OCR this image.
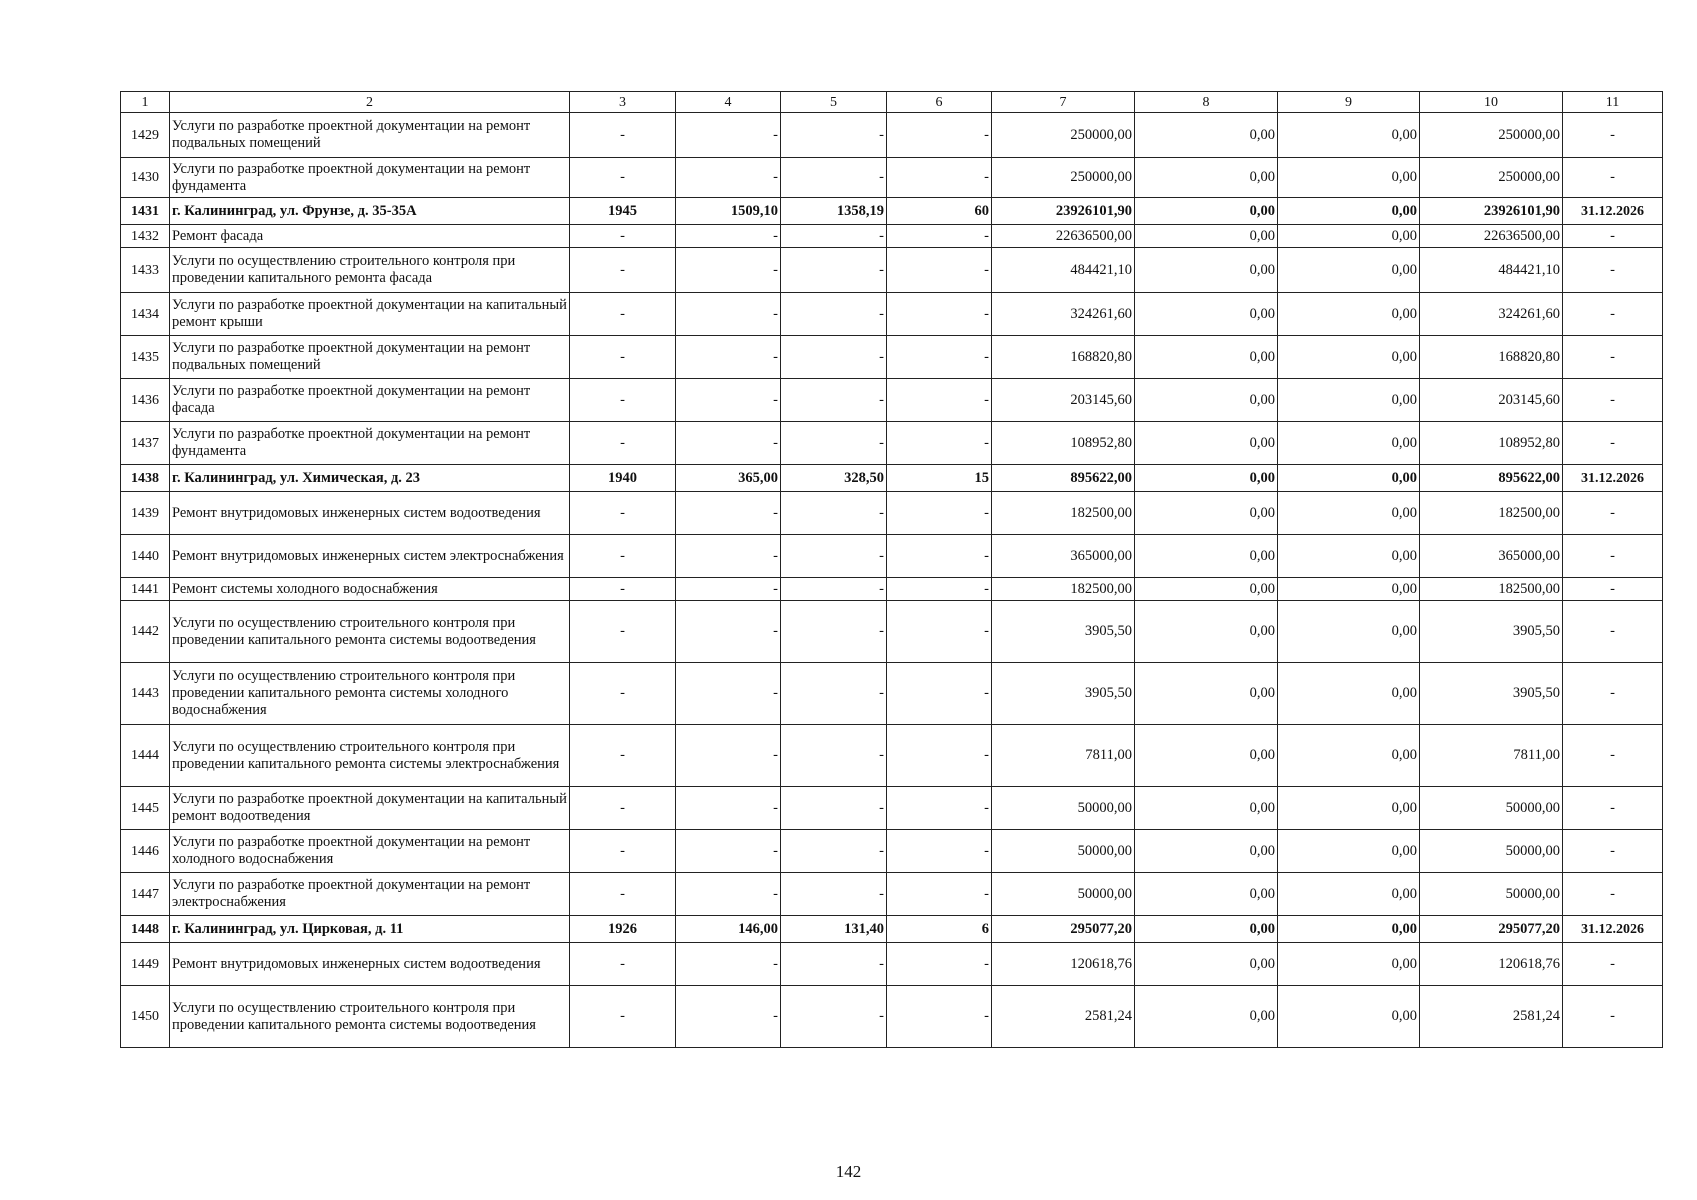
1	2	3	4	5	6	7	8	9	10	11
1429	Услуги по разработке проектной документации на ремонт подвальных помещений	-	-	-	-	250000,00	0,00	0,00	250000,00	-
1430	Услуги по разработке проектной документации на ремонт фундамента	-	-	-	-	250000,00	0,00	0,00	250000,00	-
1431	г. Калининград, ул. Фрунзе, д. 35-35А	1945	1509,10	1358,19	60	23926101,90	0,00	0,00	23926101,90	31.12.2026
1432	Ремонт фасада	-	-	-	-	22636500,00	0,00	0,00	22636500,00	-
1433	Услуги по осуществлению строительного контроля при проведении капитального ремонта фасада	-	-	-	-	484421,10	0,00	0,00	484421,10	-
1434	Услуги по разработке проектной документации на капитальный ремонт крыши	-	-	-	-	324261,60	0,00	0,00	324261,60	-
1435	Услуги по разработке проектной документации на ремонт подвальных помещений	-	-	-	-	168820,80	0,00	0,00	168820,80	-
1436	Услуги по разработке проектной документации на ремонт фасада	-	-	-	-	203145,60	0,00	0,00	203145,60	-
1437	Услуги по разработке проектной документации на ремонт фундамента	-	-	-	-	108952,80	0,00	0,00	108952,80	-
1438	г. Калининград, ул. Химическая, д. 23	1940	365,00	328,50	15	895622,00	0,00	0,00	895622,00	31.12.2026
1439	Ремонт внутридомовых инженерных систем водоотведения	-	-	-	-	182500,00	0,00	0,00	182500,00	-
1440	Ремонт внутридомовых инженерных систем электроснабжения	-	-	-	-	365000,00	0,00	0,00	365000,00	-
1441	Ремонт системы холодного водоснабжения	-	-	-	-	182500,00	0,00	0,00	182500,00	-
1442	Услуги по осуществлению строительного контроля при проведении капитального ремонта системы водоотведения	-	-	-	-	3905,50	0,00	0,00	3905,50	-
1443	Услуги по осуществлению строительного контроля при проведении капитального ремонта системы холодного водоснабжения	-	-	-	-	3905,50	0,00	0,00	3905,50	-
1444	Услуги по осуществлению строительного контроля при проведении капитального ремонта системы электроснабжения	-	-	-	-	7811,00	0,00	0,00	7811,00	-
1445	Услуги по разработке проектной документации на капитальный ремонт водоотведения	-	-	-	-	50000,00	0,00	0,00	50000,00	-
1446	Услуги по разработке проектной документации на ремонт холодного водоснабжения	-	-	-	-	50000,00	0,00	0,00	50000,00	-
1447	Услуги по разработке проектной документации на ремонт электроснабжения	-	-	-	-	50000,00	0,00	0,00	50000,00	-
1448	г. Калининград, ул. Цирковая, д. 11	1926	146,00	131,40	6	295077,20	0,00	0,00	295077,20	31.12.2026
1449	Ремонт внутридомовых инженерных систем водоотведения	-	-	-	-	120618,76	0,00	0,00	120618,76	-
1450	Услуги по осуществлению строительного контроля при проведении капитального ремонта системы водоотведения	-	-	-	-	2581,24	0,00	0,00	2581,24	-
142
